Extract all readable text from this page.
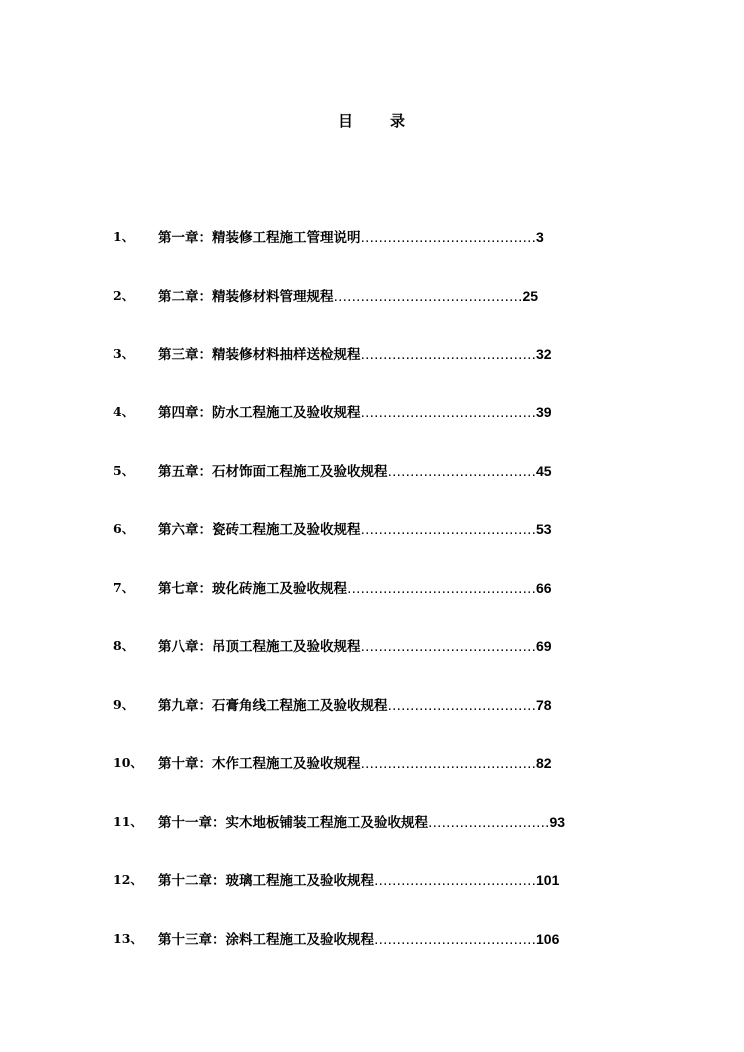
目 录
1、 第一章：精装修工程施工管理说明…………………………………3
2、 第二章：精装修材料管理规程……………………………………25
3、 第三章：精装修材料抽样送检规程…………………………………32
4、 第四章：防水工程施工及验收规程…………………………………39
5、 第五章：石材饰面工程施工及验收规程……………………………45
6、 第六章：瓷砖工程施工及验收规程…………………………………53
7、 第七章：玻化砖施工及验收规程……………………………………66
8、 第八章：吊顶工程施工及验收规程…………………………………69
9、 第九章：石膏角线工程施工及验收规程……………………………78
10、 第十章：木作工程施工及验收规程…………………………………82
11、 第十一章：实木地板铺装工程施工及验收规程………………………93
12、 第十二章：玻璃工程施工及验收规程………………………………101
13、 第十三章：涂料工程施工及验收规程………………………………106
